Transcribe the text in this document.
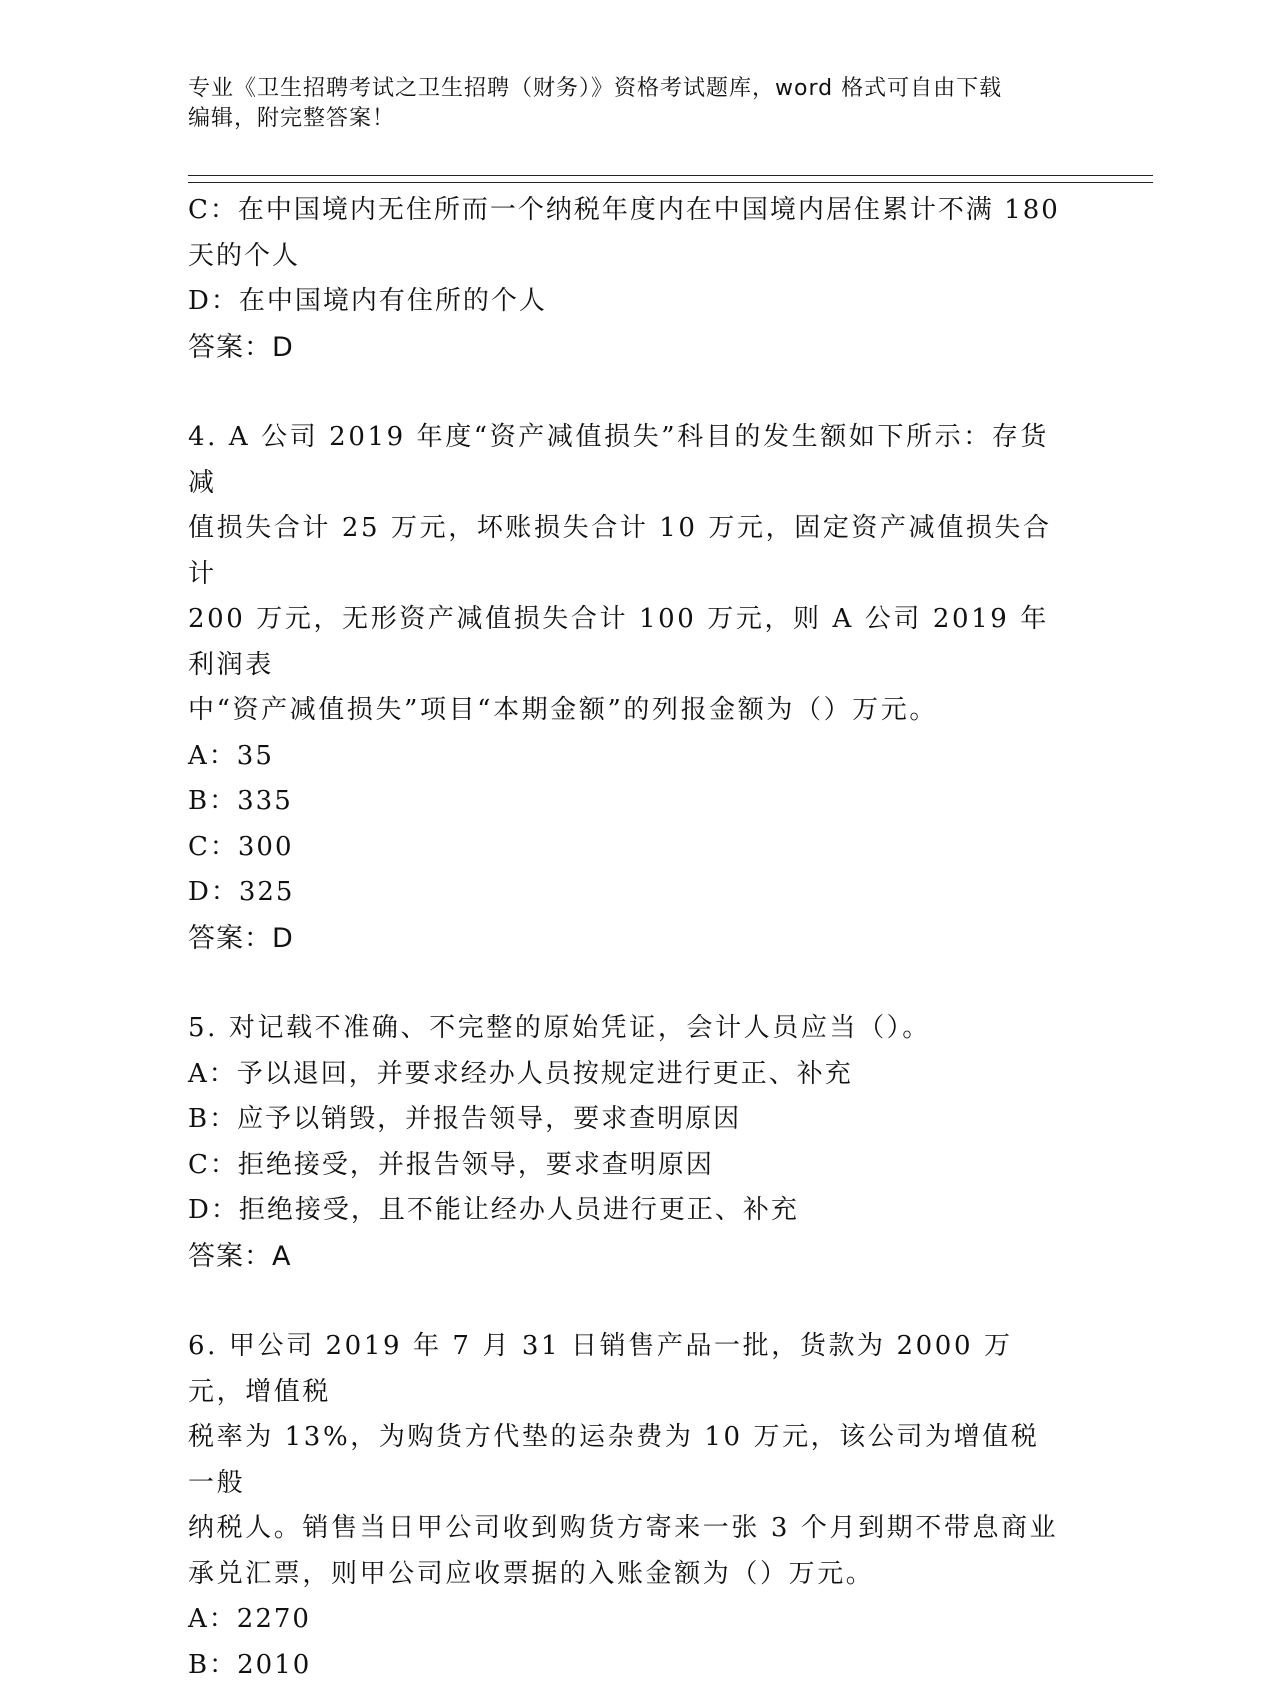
专业《卫生招聘考试之卫生招聘（财务）》资格考试题库，word 格式可自由下载
编辑，附完整答案！
C：在中国境内无住所而一个纳税年度内在中国境内居住累计不满 180
天的个人
D：在中国境内有住所的个人
答案：D
4. A 公司 2019 年度“资产减值损失”科目的发生额如下所示：存货减
值损失合计 25 万元，坏账损失合计 10 万元，固定资产减值损失合计
200 万元，无形资产减值损失合计 100 万元，则 A 公司 2019 年利润表
中“资产减值损失”项目“本期金额”的列报金额为（）万元。
A：35
B：335
C：300
D：325
答案：D
5. 对记载不准确、不完整的原始凭证，会计人员应当（）。
A：予以退回，并要求经办人员按规定进行更正、补充
B：应予以销毁，并报告领导，要求查明原因
C：拒绝接受，并报告领导，要求查明原因
D：拒绝接受，且不能让经办人员进行更正、补充
答案：A
6. 甲公司 2019 年 7 月 31 日销售产品一批，货款为 2000 万元，增值税
税率为 13%，为购货方代垫的运杂费为 10 万元，该公司为增值税一般
纳税人。销售当日甲公司收到购货方寄来一张 3 个月到期不带息商业
承兑汇票，则甲公司应收票据的入账金额为（）万元。
A：2270
B：2010
